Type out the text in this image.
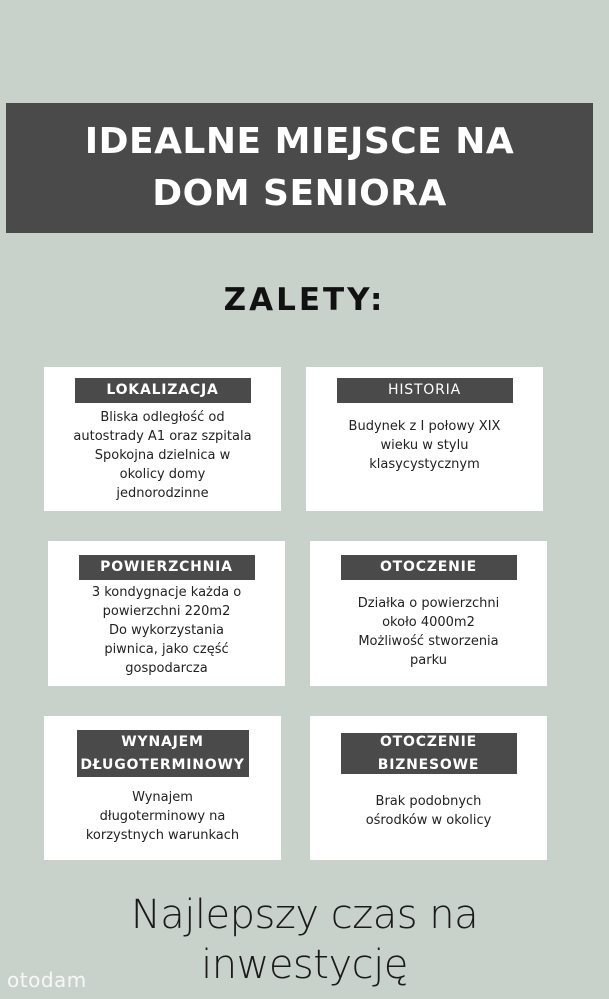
IDEALNE MIEJSCE NA
DOM SENIORA
ZALETY:
LOKALIZACJA
Bliska odległość od
autostrady A1 oraz szpitala
Spokojna dzielnica w
okolicy domy
jednorodzinne
HISTORIA
Budynek z I połowy XIX
wieku w stylu
klasycystycznym
POWIERZCHNIA
3 kondygnacje każda o
powierzchni 220m2
Do wykorzystania
piwnica, jako część
gospodarcza
OTOCZENIE
Działka o powierzchni
około 4000m2
Możliwość stworzenia
parku
WYNAJEM
DŁUGOTERMINOWY
Wynajem
długoterminowy na
korzystnych warunkach
OTOCZENIE
BIZNESOWE
Brak podobnych
ośrodków w okolicy
Najlepszy czas na
inwestycję
otodam
